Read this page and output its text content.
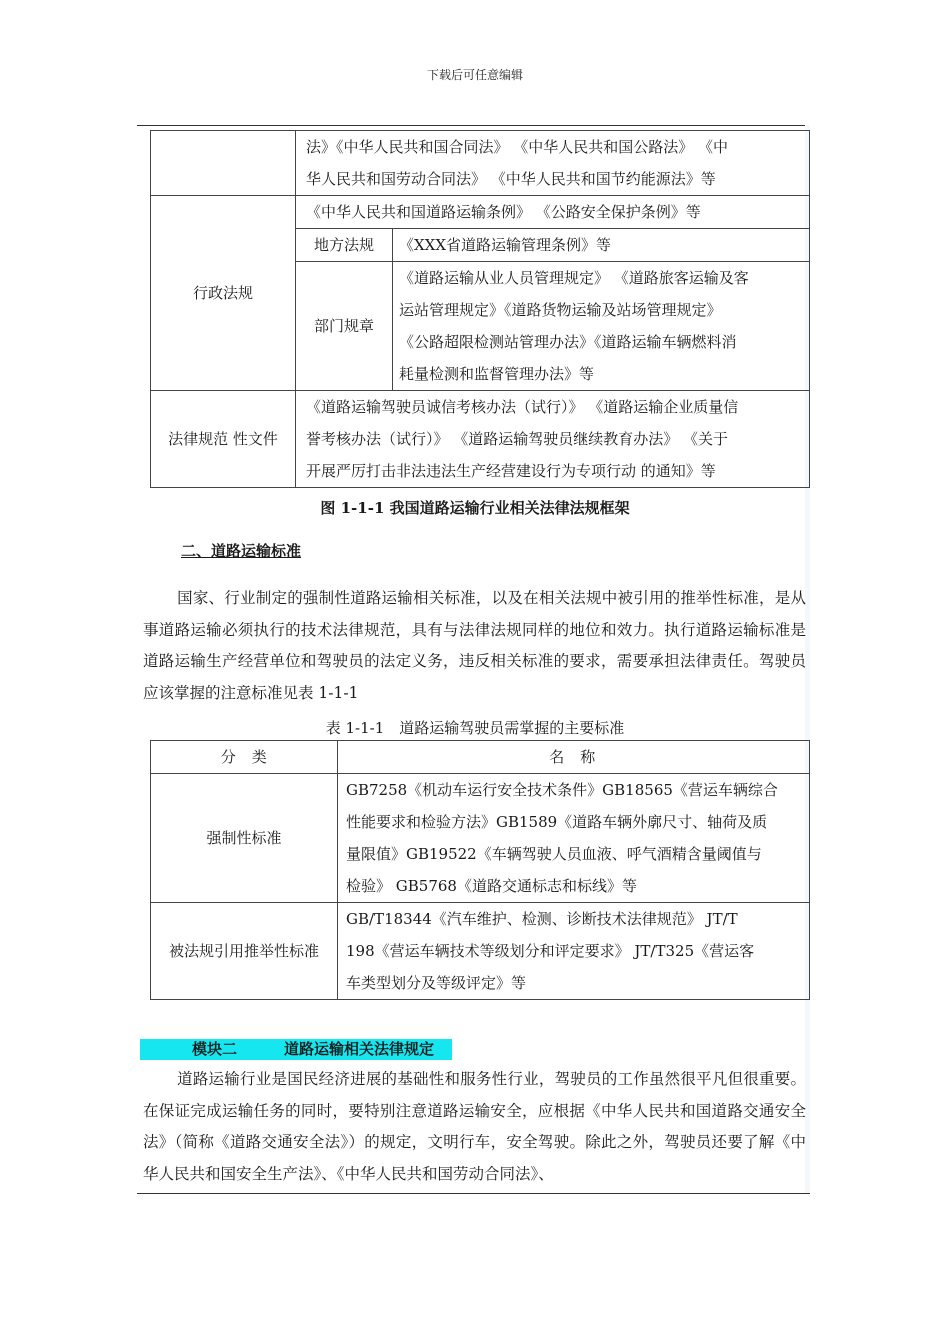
下载后可任意编辑

	法》《中华人民共和国合同法》 《中华人民共和国公路法》 《中
华人民共和国劳动合同法》 《中华人民共和国节约能源法》等	

行政法规	《中华人民共和国道路运输条例》 《公路安全保护条例》等	
	地方法规	《XXX省道路运输管理条例》等
	部门规章	《道路运输从业人员管理规定》 《道路旅客运输及客
运站管理规定》《道路货物运输及站场管理规定》
《公路超限检测站管理办法》《道路运输车辆燃料消
耗量检测和监督管理办法》等

法律规范 性文件	《道路运输驾驶员诚信考核办法（试行）》 《道路运输企业质量信
誉考核办法（试行）》 《道路运输驾驶员继续教育办法》 《关于
开展严厉打击非法违法生产经营建设行为专项行动 的通知》等	
图 1-1-1 我国道路运输行业相关法律法规框架
二、道路运输标准
国家、行业制定的强制性道路运输相关标准，以及在相关法规中被引用的推举性标准，是从事道路运输必须执行的技术法律规范，具有与法律法规同样的地位和效力。执行道路运输标准是道路运输生产经营单位和驾驶员的法定义务，违反相关标准的要求，需要承担法律责任。驾驶员应该掌握的注意标准见表 1-1-1
表 1-1-1　道路运输驾驶员需掌握的主要标准
分　类	名　称
强制性标准	GB7258《机动车运行安全技术条件》GB18565《营运车辆综合
性能要求和检验方法》GB1589《道路车辆外廓尺寸、轴荷及质
量限值》GB19522《车辆驾驶人员血液、呼气酒精含量阈值与
检验》 GB5768《道路交通标志和标线》等

被法规引用推举性标准	GB/T18344《汽车维护、检测、诊断技术法律规范》 JT/T
198《营运车辆技术等级划分和评定要求》 JT/T325《营运客
车类型划分及等级评定》等
模块二	道路运输相关法律规定
道路运输行业是国民经济进展的基础性和服务性行业，驾驶员的工作虽然很平凡但很重要。在保证完成运输任务的同时，要特别注意道路运输安全，应根据《中华人民共和国道路交通安全法》（简称《道路交通安全法》）的规定，文明行车，安全驾驶。除此之外，驾驶员还要了解《中华人民共和国安全生产法》、《中华人民共和国劳动合同法》、
